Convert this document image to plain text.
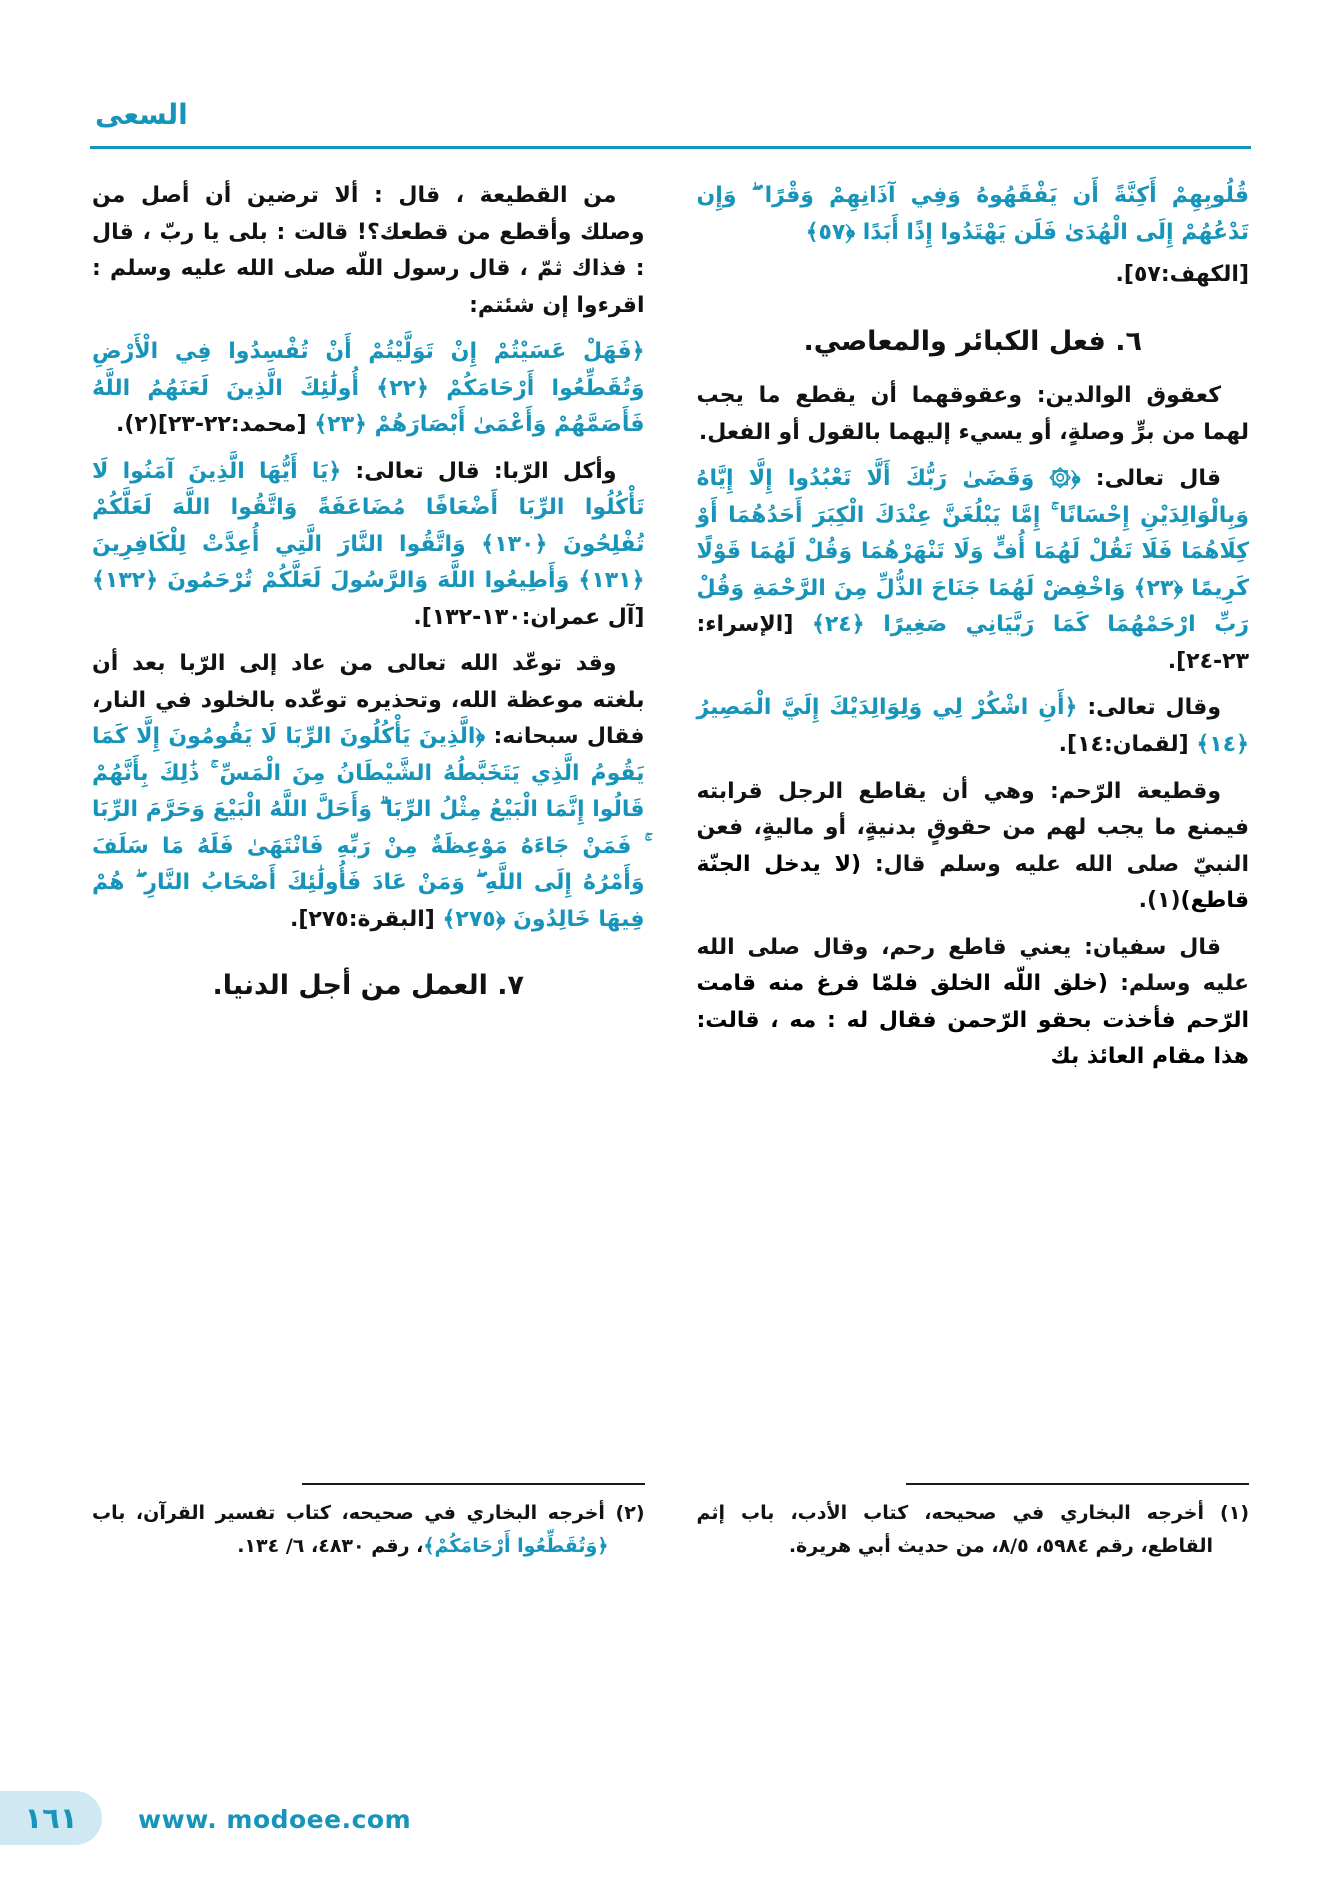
السعى

قُلُوبِهِمْ أَكِنَّةً أَن يَفْقَهُوهُ وَفِي آذَانِهِمْ وَقْرًا ۖ وَإِن تَدْعُهُمْ إِلَى الْهُدَىٰ فَلَن يَهْتَدُوا إِذًا أَبَدًا ﴿٥٧﴾

[الكهف:٥٧].

٦. فعل الكبائر والمعاصي.

كعقوق الوالدين: وعقوقهما أن يقطع ما يجب لهما من برٍّ وصلةٍ، أو يسيء إليهما بالقول أو الفعل.

قال تعالى: ﴿۞ وَقَضَىٰ رَبُّكَ أَلَّا تَعْبُدُوا إِلَّا إِيَّاهُ وَبِالْوَالِدَيْنِ إِحْسَانًا ۚ إِمَّا يَبْلُغَنَّ عِنْدَكَ الْكِبَرَ أَحَدُهُمَا أَوْ كِلَاهُمَا فَلَا تَقُلْ لَهُمَا أُفٍّ وَلَا تَنْهَرْهُمَا وَقُلْ لَهُمَا قَوْلًا كَرِيمًا ﴿٢٣﴾ وَاخْفِضْ لَهُمَا جَنَاحَ الذُّلِّ مِنَ الرَّحْمَةِ وَقُلْ رَبِّ ارْحَمْهُمَا كَمَا رَبَّيَانِي صَغِيرًا ﴿٢٤﴾ [الإسراء: ٢٣-٢٤].

وقال تعالى: ﴿أَنِ اشْكُرْ لِي وَلِوَالِدَيْكَ إِلَيَّ الْمَصِيرُ ﴿١٤﴾ [لقمان:١٤].

وقطيعة الرّحم: وهي أن يقاطع الرجل قرابته فيمنع ما يجب لهم من حقوقٍ بدنيةٍ، أو ماليةٍ، فعن النبيّ صلى الله عليه وسلم قال: (لا يدخل الجنّة قاطع)(١).

قال سفيان: يعني قاطع رحم، وقال صلى الله عليه وسلم: (خلق اللّه الخلق فلمّا فرغ منه قامت الرّحم فأخذت بحقو الرّحمن فقال له : مه ، قالت: هذا مقام العائذ بك

(١) أخرجه البخاري في صحيحه، كتاب الأدب، باب إثم القاطع، رقم ٥٩٨٤، ٨/٥، من حديث أبي هريرة.

من القطيعة ، قال : ألا ترضين أن أصل من وصلك وأقطع من قطعك؟! قالت : بلى يا ربّ ، قال : فذاك ثمّ ، قال رسول اللّه صلى الله عليه وسلم : اقرءوا إن شئتم:

﴿فَهَلْ عَسَيْتُمْ إِنْ تَوَلَّيْتُمْ أَنْ تُفْسِدُوا فِي الْأَرْضِ وَتُقَطِّعُوا أَرْحَامَكُمْ ﴿٢٢﴾ أُولَٰئِكَ الَّذِينَ لَعَنَهُمُ اللَّهُ فَأَصَمَّهُمْ وَأَعْمَىٰ أَبْصَارَهُمْ ﴿٢٣﴾ [محمد:٢٢-٢٣](٢).

وأكل الرّبا: قال تعالى: ﴿يَا أَيُّهَا الَّذِينَ آمَنُوا لَا تَأْكُلُوا الرِّبَا أَضْعَافًا مُضَاعَفَةً وَاتَّقُوا اللَّهَ لَعَلَّكُمْ تُفْلِحُونَ ﴿١٣٠﴾ وَاتَّقُوا النَّارَ الَّتِي أُعِدَّتْ لِلْكَافِرِينَ ﴿١٣١﴾ وَأَطِيعُوا اللَّهَ وَالرَّسُولَ لَعَلَّكُمْ تُرْحَمُونَ ﴿١٣٢﴾ [آل عمران:١٣٠-١٣٢].

وقد توعّد الله تعالى من عاد إلى الرّبا بعد أن بلغته موعظة الله، وتحذيره توعّده بالخلود في النار، فقال سبحانه: ﴿الَّذِينَ يَأْكُلُونَ الرِّبَا لَا يَقُومُونَ إِلَّا كَمَا يَقُومُ الَّذِي يَتَخَبَّطُهُ الشَّيْطَانُ مِنَ الْمَسِّ ۚ ذَٰلِكَ بِأَنَّهُمْ قَالُوا إِنَّمَا الْبَيْعُ مِثْلُ الرِّبَا ۗ وَأَحَلَّ اللَّهُ الْبَيْعَ وَحَرَّمَ الرِّبَا ۚ فَمَنْ جَاءَهُ مَوْعِظَةٌ مِنْ رَبِّهِ فَانْتَهَىٰ فَلَهُ مَا سَلَفَ وَأَمْرُهُ إِلَى اللَّهِ ۖ وَمَنْ عَادَ فَأُولَٰئِكَ أَصْحَابُ النَّارِ ۖ هُمْ فِيهَا خَالِدُونَ ﴿٢٧٥﴾ [البقرة:٢٧٥].

٧. العمل من أجل الدنيا.

(٢) أخرجه البخاري في صحيحه، كتاب تفسير القرآن، باب ﴿وَتُقَطِّعُوا أَرْحَامَكُمْ﴾، رقم ٤٨٣٠، ٦/ ١٣٤.
١٦١ www. modoee.com
